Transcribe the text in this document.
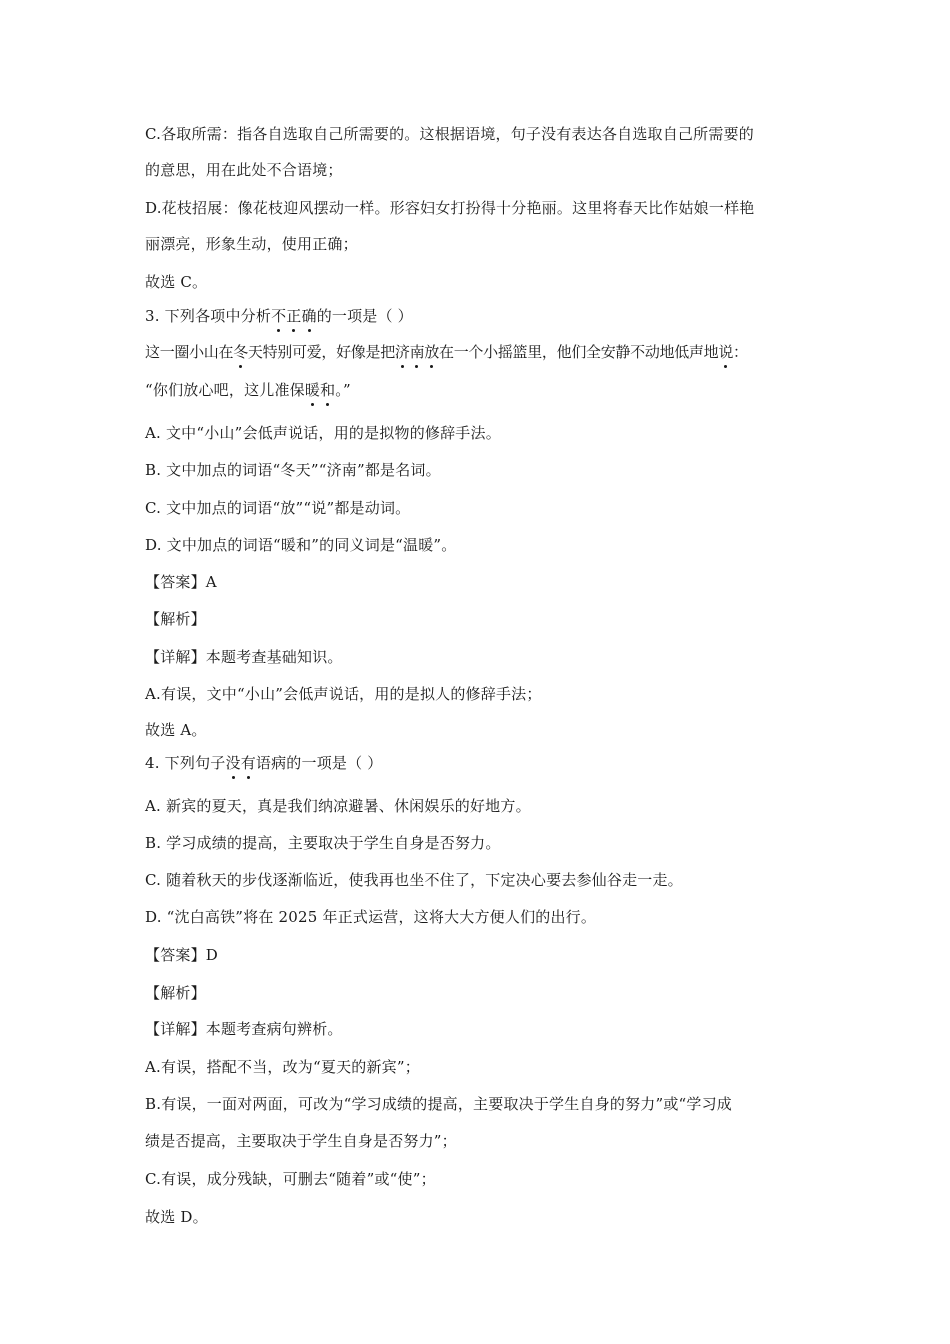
C.各取所需：指各自选取自己所需要的。这根据语境，句子没有表达各自选取自己所需要的
的意思，用在此处不合语境；
D.花枝招展：像花枝迎风摆动一样。形容妇女打扮得十分艳丽。这里将春天比作姑娘一样艳
丽漂亮，形象生动，使用正确；
故选 C。
3. 下列各项中分析不正确的一项是（ ）
这一圈小山在冬天特别可爱，好像是把济南放在一个小摇篮里，他们全安静不动地低声地说：
“你们放心吧，这儿准保暖和。”
A. 文中“小山”会低声说话，用的是拟物的修辞手法。
B. 文中加点的词语“冬天”“济南”都是名词。
C. 文中加点的词语“放”“说”都是动词。
D. 文中加点的词语“暖和”的同义词是“温暖”。
【答案】A
【解析】
【详解】本题考查基础知识。
A.有误，文中“小山”会低声说话，用的是拟人的修辞手法；
故选 A。
4. 下列句子没有语病的一项是（ ）
A. 新宾的夏天，真是我们纳凉避暑、休闲娱乐的好地方。
B. 学习成绩的提高，主要取决于学生自身是否努力。
C. 随着秋天的步伐逐渐临近，使我再也坐不住了，下定决心要去参仙谷走一走。
D. “沈白高铁”将在 2025 年正式运营，这将大大方便人们的出行。
【答案】D
【解析】
【详解】本题考查病句辨析。
A.有误，搭配不当，改为“夏天的新宾”；
B.有误，一面对两面，可改为“学习成绩的提高，主要取决于学生自身的努力”或“学习成
绩是否提高，主要取决于学生自身是否努力”；
C.有误，成分残缺，可删去“随着”或“使”；
故选 D。
